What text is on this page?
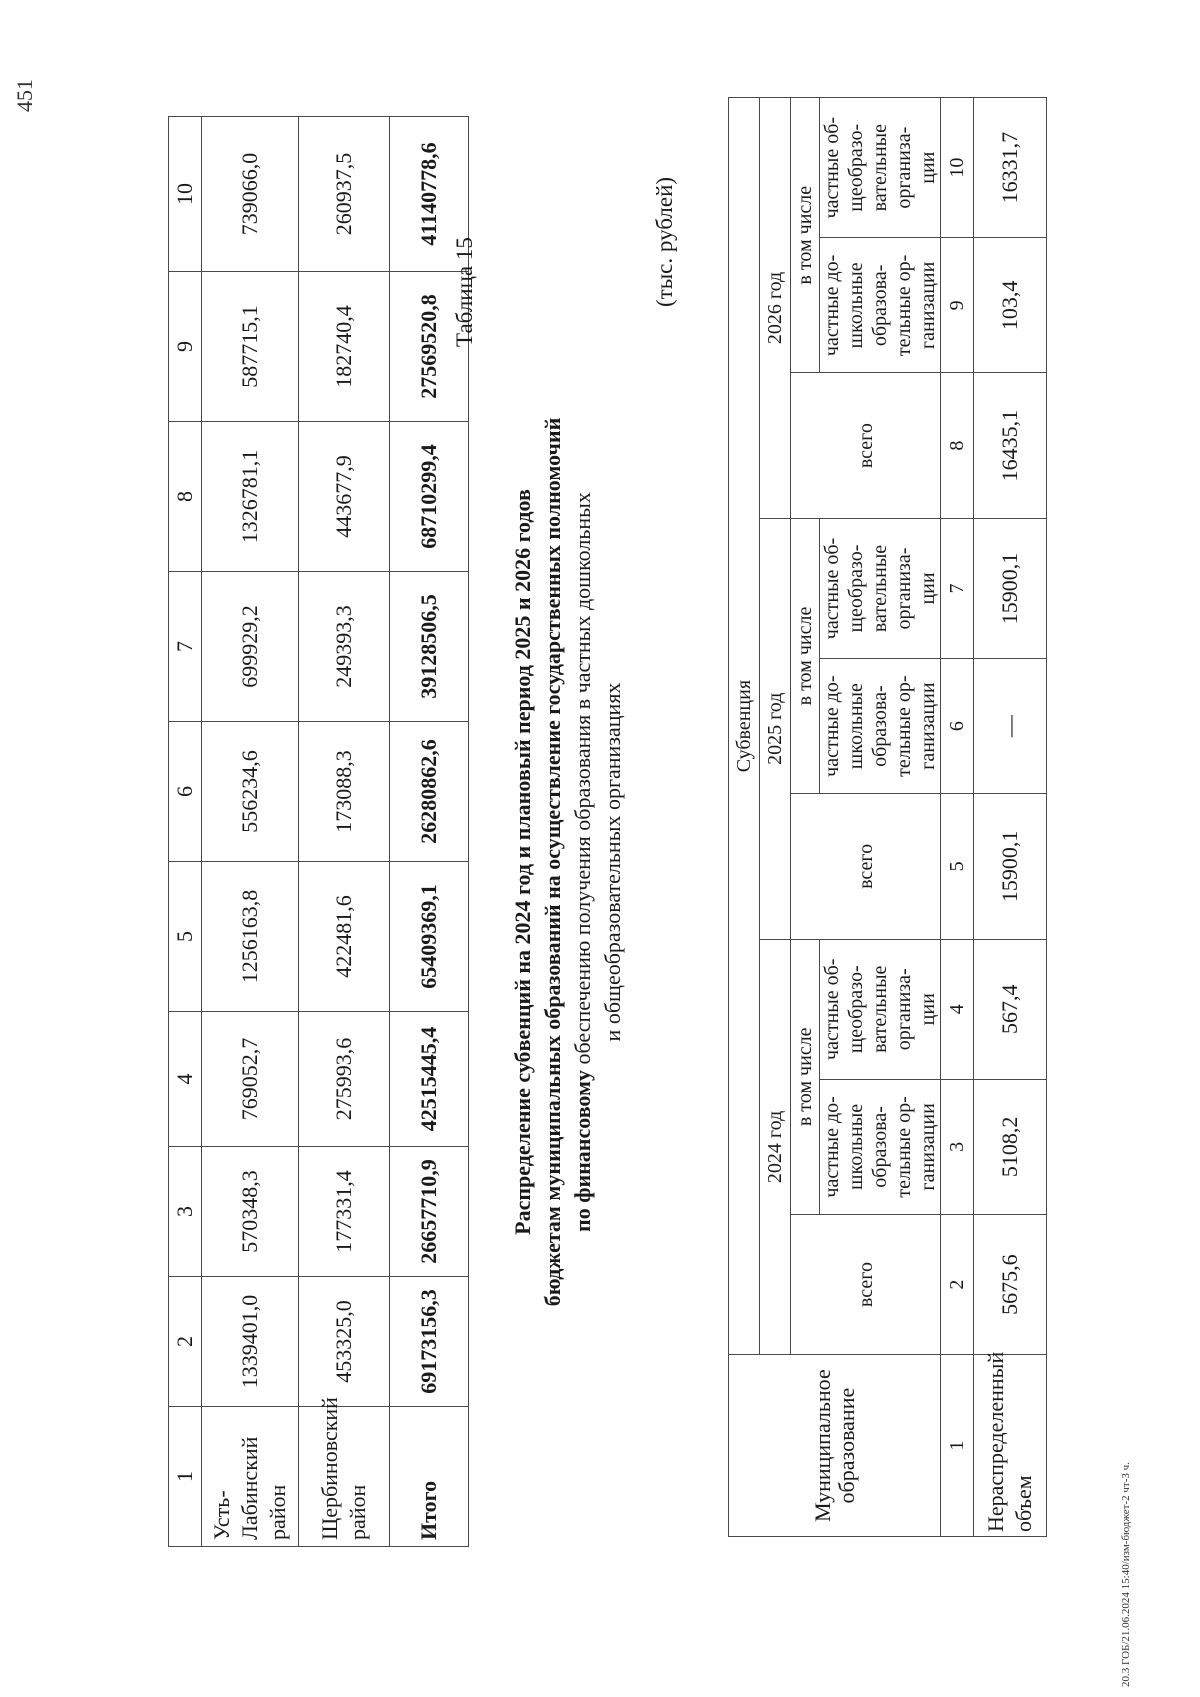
451
1	2	3	4	5	6	7	8	9	10
Усть-Лабинский район	1339401,0	570348,3	769052,7	1256163,8	556234,6	699929,2	1326781,1	587715,1	739066,0
Щербиновский район	453325,0	177331,4	275993,6	422481,6	173088,3	249393,3	443677,9	182740,4	260937,5
Итого	69173156,3	26657710,9	42515445,4	65409369,1	26280862,6	39128506,5	68710299,4	27569520,8	41140778,6
Таблица 15
Распределение субвенций на 2024 год и плановый период 2025 и 2026 годов бюджетам муниципальных образований на осуществление государственных полномочий по финансовому обеспечению получения образования в частных дошкольных и общеобразовательных организациях
(тыс. рублей)
Муниципальное образование	Субвенция								
	2024 год			2025 год			2026 год		
	всего	в том числе		всего	в том числе		всего	в том числе	
		частные до- школьные образова- тельные ор- ганизации	частные об- щеобразо- вательные организа- ции		частные до- школьные образова- тельные ор- ганизации	частные об- щеобразо- вательные организа- ции		частные до- школьные образова- тельные ор- ганизации	частные об- щеобразо- вательные организа- ции
1	2	3	4	5	6	7	8	9	10
Нераспределенный объем	5675,6	5108,2	567,4	15900,1	—	15900,1	16435,1	103,4	16331,7
20.3 ГОБ/21.06.2024 15:40/изм-бюджет-2 чт-3 ч.
